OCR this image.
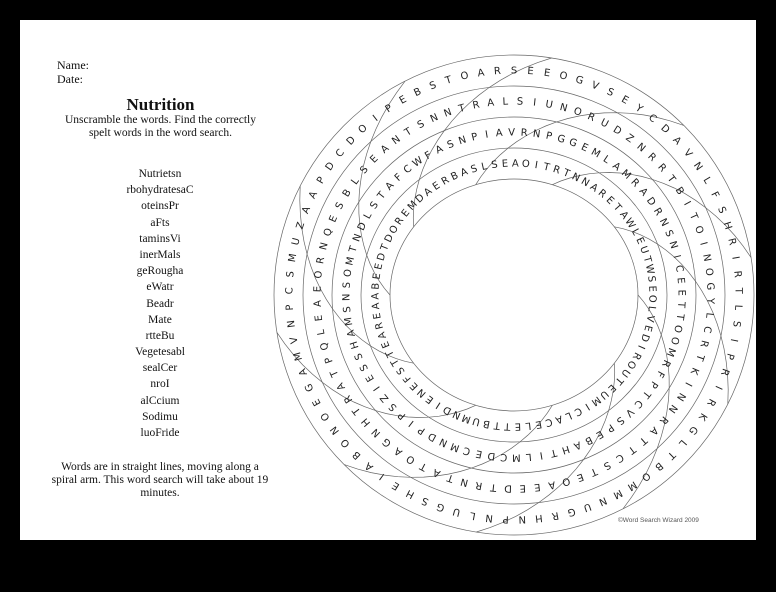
Name:
Date:
Nutrition
Unscramble the words. Find the correctly spelt words in the word search.
Nutrietsn
rbohydratesaC
oteinsPr
aFts
taminsVi
inerMals
geRougha
eWatr
Beadr
Mate
rtteBu
Vegetesabl
sealCer
nroI
alCcium
Sodimu
luoFride
Words are in straight lines, moving along a spiral arm. This word search will take about 19 minutes.
S E E O G V
S
E
Y
C
D
A
V
N
L
F
S
H
R
I
R
T
L
S
I
P
R
I
R
K
G
L
T
B
O
M
M
N
U
G
R
H
N
P
N
L
U
G
S
H
E
I
A
B
O
N
O
E
G
A
M
V
N
P
C
S
M
U
Z
A
A
P
D
C
D
O
I
P
E
B
S T O A R
U N O R U
D
Z
N
R
R
T
B
I
T
O
I
N
O
G
Y
L
C
R
T
K
I
N
N
R
A
T
T
C
S
T
E
O
A
E
E
D
T
R
N
T
A
T
O
A
G
N
H
T
R
A
T
P
Q
L
E
A
E
O
R
N
Q
E
S
B
L
S
E
A
N
T
S N N T R A L S I
G E M
L
A
M
R
A
D
R
N
S
N
I
C
E
E
T
T
O
O
M
R
F
P
T
C
V
S
P
E
B
A
H
T
I
L
M
C
D
E
C
M
N
D
P
I
P
S
Z
I
E
S
S
H
A
M
S
N
S
O
M
T
N
D
L
S
T
A
F
C
W
F A S N P I A V R N P G
N
A
R
E
T
A
W
L
E
U
T
W
S
E
O
L
V
E
D
I
R
O
U
T
E
U
M
I
C
L
A
C
E
L
E
T
T
B
U
M
N
D
I
E
N
E
F
S
T
T
E
A
R
E
A
A
B
E
E
D
T
D
O
R
E
M
D
A
E
R
B
A S L S E A O I T R T
N
©Word Search Wizard 2009
